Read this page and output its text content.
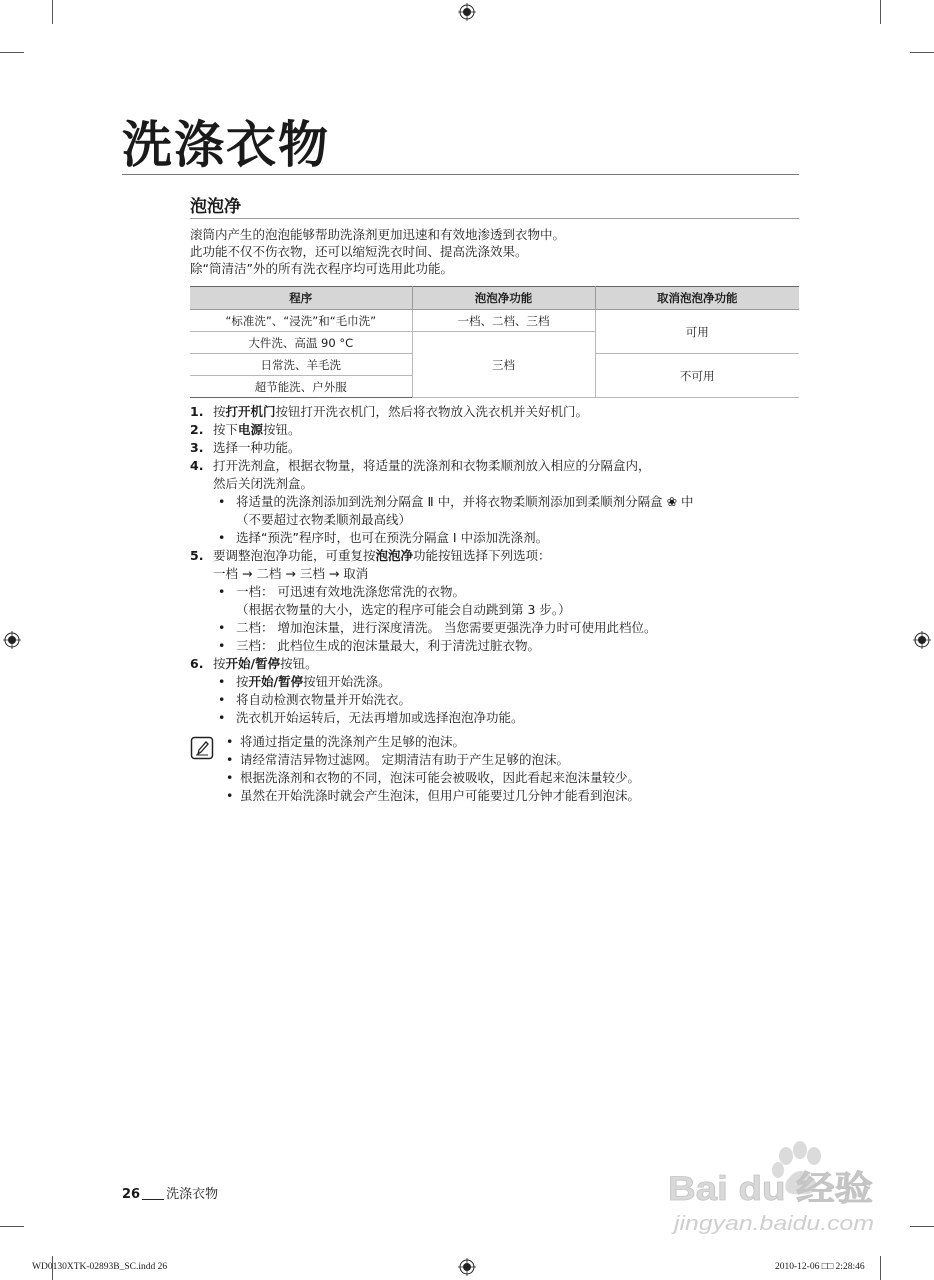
洗涤衣物
泡泡净
滚筒内产生的泡泡能够帮助洗涤剂更加迅速和有效地渗透到衣物中。
此功能不仅不伤衣物，还可以缩短洗衣时间、提高洗涤效果。
除“筒清洁”外的所有洗衣程序均可选用此功能。
程序	泡泡净功能	取消泡泡净功能
“标准洗”、“浸洗”和“毛巾洗”	一档、二档、三档	可用
大件洗、高温 90 °C	三档	
日常洗、羊毛洗		不可用
超节能洗、户外服		
1. 按打开机门按钮打开洗衣机门，然后将衣物放入洗衣机并关好机门。
2. 按下电源按钮。
3. 选择一种功能。
4. 打开洗剂盒，根据衣物量，将适量的洗涤剂和衣物柔顺剂放入相应的分隔盒内，
然后关闭洗剂盒。
• 将适量的洗涤剂添加到洗剂分隔盒 Ⅱ 中，并将衣物柔顺剂添加到柔顺剂分隔盒 ❀ 中
（不要超过衣物柔顺剂最高线）
• 选择“预洗”程序时，也可在预洗分隔盒 Ⅰ 中添加洗涤剂。
5. 要调整泡泡净功能，可重复按泡泡净功能按钮选择下列选项：
一档 → 二档 → 三档 → 取消
• 一档： 可迅速有效地洗涤您常洗的衣物。
（根据衣物量的大小，选定的程序可能会自动跳到第 3 步。）
• 二档： 增加泡沫量，进行深度清洗。 当您需要更强洗净力时可使用此档位。
• 三档： 此档位生成的泡沫量最大，利于清洗过脏衣物。
6. 按开始/暂停按钮。
• 按开始/暂停按钮开始洗涤。
• 将自动检测衣物量并开始洗衣。
• 洗衣机开始运转后，无法再增加或选择泡泡净功能。
• 将通过指定量的洗涤剂产生足够的泡沫。
• 请经常清洁异物过滤网。 定期清洁有助于产生足够的泡沫。
• 根据洗涤剂和衣物的不同，泡沫可能会被吸收，因此看起来泡沫量较少。
• 虽然在开始洗涤时就会产生泡沫，但用户可能要过几分钟才能看到泡沫。
26 洗涤衣物
WD0130XTK-02893B_SC.indd 26	2010-12-06 □□ 2:28:46
Bai du 经验
jingyan.baidu.com
